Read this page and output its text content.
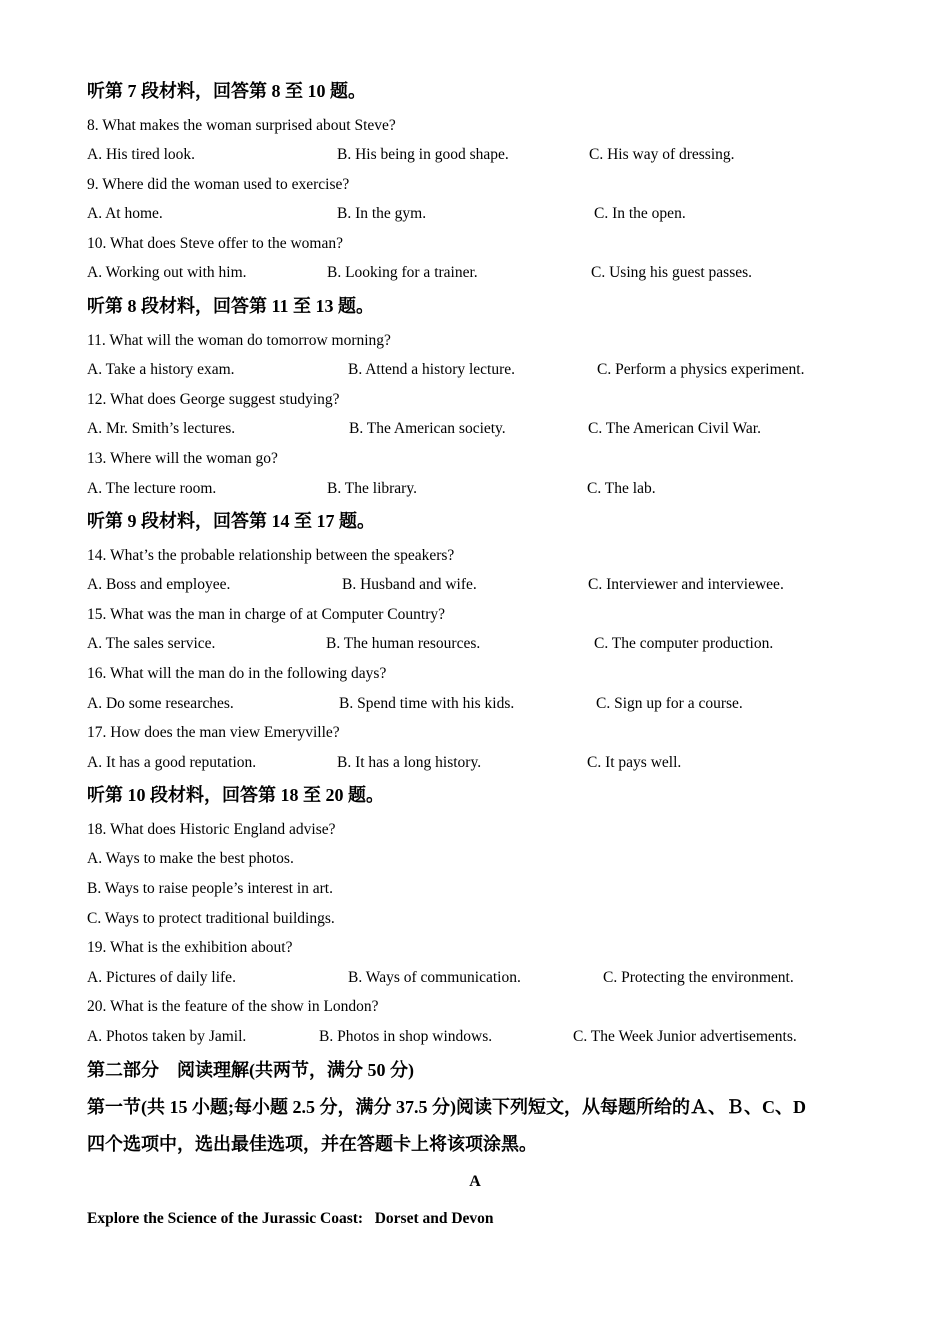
听第 7 段材料，回答第 8 至 10 题。
8. What makes the woman surprised about Steve?
A. His tired look.	B. His being in good shape.	C. His way of dressing.
9. Where did the woman used to exercise?
A. At home.	B. In the gym.	C. In the open.
10. What does Steve offer to the woman?
A. Working out with him.	B. Looking for a trainer.	C. Using his guest passes.
听第 8 段材料，回答第 11 至 13 题。
11. What will the woman do tomorrow morning?
A. Take a history exam.	B. Attend a history lecture.	C. Perform a physics experiment.
12. What does George suggest studying?
A. Mr. Smith’s lectures.	B. The American society.	C. The American Civil War.
13. Where will the woman go?
A. The lecture room.	B. The library.	C. The lab.
听第 9 段材料，回答第 14 至 17 题。
14. What’s the probable relationship between the speakers?
A. Boss and employee.	B. Husband and wife.	C. Interviewer and interviewee.
15. What was the man in charge of at Computer Country?
A. The sales service.	B. The human resources.	C. The computer production.
16. What will the man do in the following days?
A. Do some researches.	B. Spend time with his kids.	C. Sign up for a course.
17. How does the man view Emeryville?
A. It has a good reputation.	B. It has a long history.	C. It pays well.
听第 10 段材料，回答第 18 至 20 题。
18. What does Historic England advise?
A. Ways to make the best photos.
B. Ways to raise people’s interest in art.
C. Ways to protect traditional buildings.
19. What is the exhibition about?
A. Pictures of daily life.	B. Ways of communication.	C. Protecting the environment.
20. What is the feature of the show in London?
A. Photos taken by Jamil.	B. Photos in shop windows.	C. The Week Junior advertisements.
第二部分　阅读理解(共两节，满分 50 分)
第一节(共 15 小题;每小题 2.5 分，满分 37.5 分)阅读下列短文，从每题所给的Ａ、Ｂ、C、D
四个选项中，选出最佳选项，并在答题卡上将该项涂黑。
A
Explore the Science of the Jurassic Coast:   Dorset and Devon
